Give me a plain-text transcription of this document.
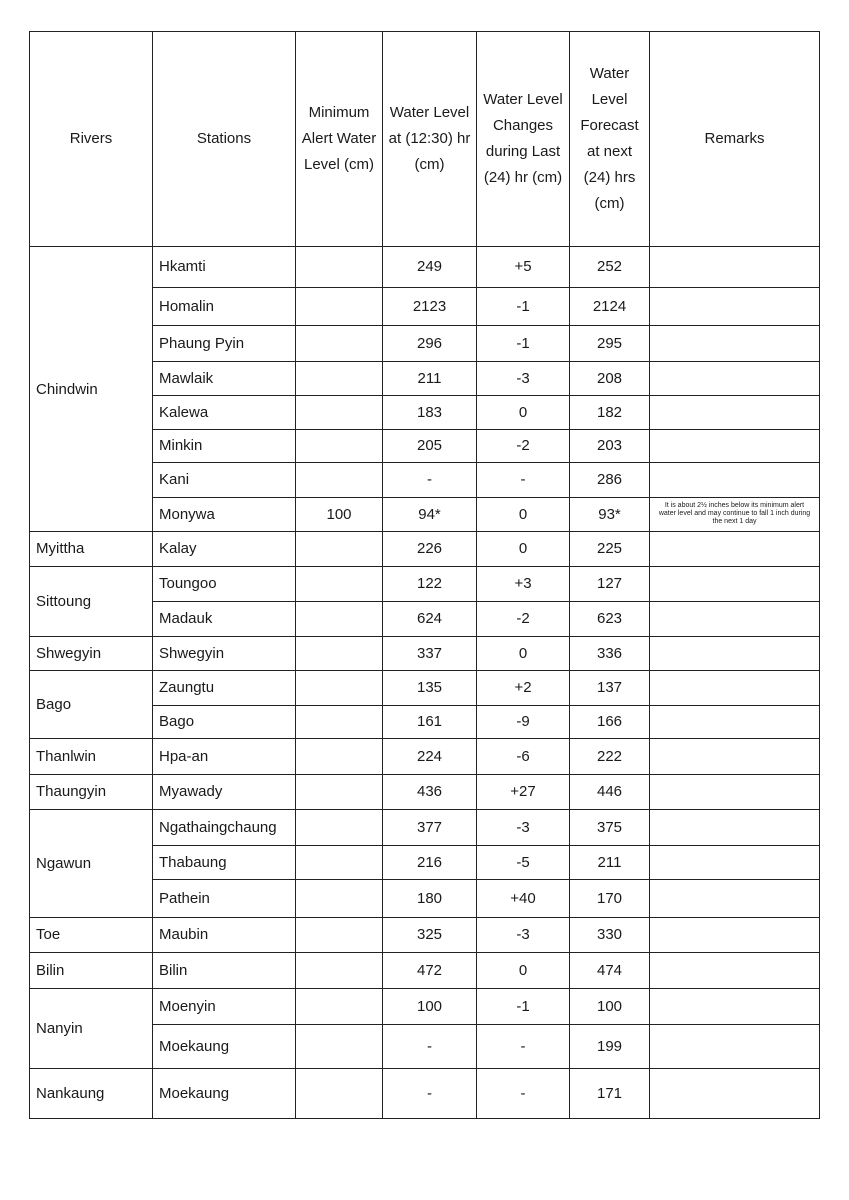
Rivers	Stations	Minimum Alert Water Level (cm)	Water Level at (12:30) hr (cm)	Water Level Changes during Last (24) hr (cm)	Water Level Forecast at next (24) hrs (cm)	Remarks
Chindwin	Hkamti		249	+5	252	
	Homalin		2123	-1	2124	
	Phaung Pyin		296	-1	295	
	Mawlaik		211	-3	208	
	Kalewa		183	0	182	
	Minkin		205	-2	203	
	Kani		-	-	286	
	Monywa	100	94*	0	93*	It is about 2½ inches below its minimum alert water level and may continue to fall 1 inch during the next 1 day
Myittha	Kalay		226	0	225	
Sittoung	Toungoo		122	+3	127	
	Madauk		624	-2	623	
Shwegyin	Shwegyin		337	0	336	
Bago	Zaungtu		135	+2	137	
	Bago		161	-9	166	
Thanlwin	Hpa-an		224	-6	222	
Thaungyin	Myawady		436	+27	446	
Ngawun	Ngathaingchaung		377	-3	375	
	Thabaung		216	-5	211	
	Pathein		180	+40	170	
Toe	Maubin		325	-3	330	
Bilin	Bilin		472	0	474	
Nanyin	Moenyin		100	-1	100	
	Moekaung		-	-	199	
Nankaung	Moekaung		-	-	171	
